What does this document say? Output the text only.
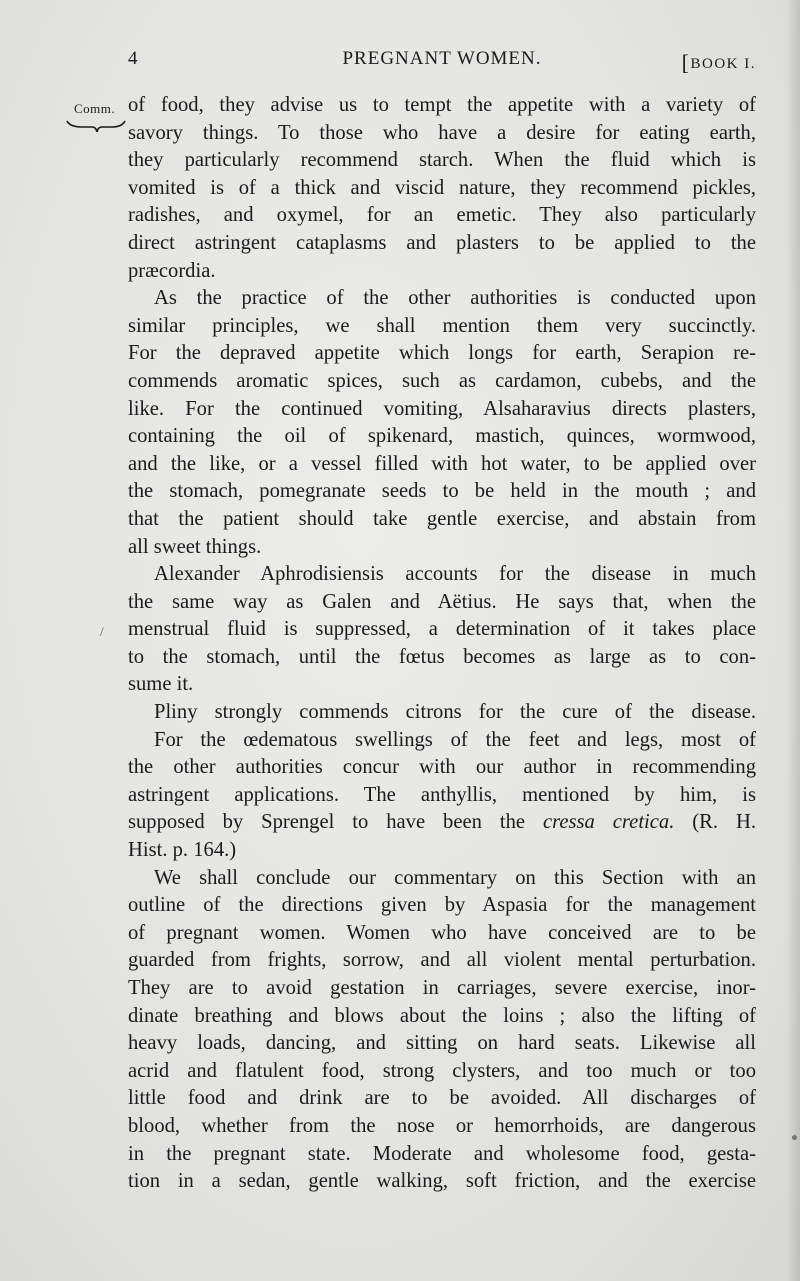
4	PREGNANT WOMEN.	[BOOK I.
Comm.
/
of food, they advise us to tempt the appetite with a variety of
savory things. To those who have a desire for eating earth,
they particularly recommend starch. When the fluid which is
vomited is of a thick and viscid nature, they recommend pickles,
radishes, and oxymel, for an emetic. They also particularly
direct astringent cataplasms and plasters to be applied to the
præcordia.
As the practice of the other authorities is conducted upon
similar principles, we shall mention them very succinctly.
For the depraved appetite which longs for earth, Serapion re-
commends aromatic spices, such as cardamon, cubebs, and the
like. For the continued vomiting, Alsaharavius directs plasters,
containing the oil of spikenard, mastich, quinces, wormwood,
and the like, or a vessel filled with hot water, to be applied over
the stomach, pomegranate seeds to be held in the mouth ; and
that the patient should take gentle exercise, and abstain from
all sweet things.
Alexander Aphrodisiensis accounts for the disease in much
the same way as Galen and Aëtius. He says that, when the
menstrual fluid is suppressed, a determination of it takes place
to the stomach, until the fœtus becomes as large as to con-
sume it.
Pliny strongly commends citrons for the cure of the disease.
For the œdematous swellings of the feet and legs, most of
the other authorities concur with our author in recommending
astringent applications. The anthyllis, mentioned by him, is
supposed by Sprengel to have been the cressa cretica. (R. H.
Hist. p. 164.)
We shall conclude our commentary on this Section with an
outline of the directions given by Aspasia for the management
of pregnant women. Women who have conceived are to be
guarded from frights, sorrow, and all violent mental perturbation.
They are to avoid gestation in carriages, severe exercise, inor-
dinate breathing and blows about the loins ; also the lifting of
heavy loads, dancing, and sitting on hard seats. Likewise all
acrid and flatulent food, strong clysters, and too much or too
little food and drink are to be avoided. All discharges of
blood, whether from the nose or hemorrhoids, are dangerous
in the pregnant state. Moderate and wholesome food, gesta-
tion in a sedan, gentle walking, soft friction, and the exercise
